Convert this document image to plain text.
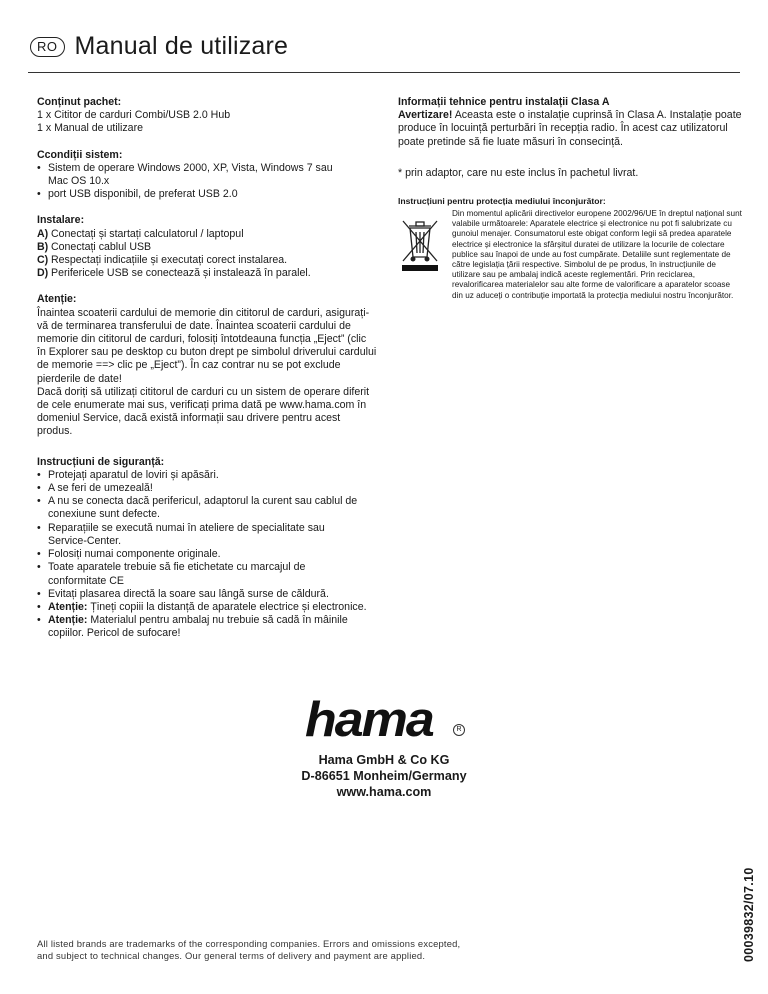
RO Manual de utilizare
Conținut pachet:
1 x Cititor de carduri Combi/USB 2.0 Hub
1 x Manual de utilizare
Ccondiții sistem:
• Sistem de operare Windows 2000, XP, Vista, Windows 7 sau Mac OS 10.x
• port USB disponibil, de preferat USB 2.0
Instalare:
A) Conectați și startați calculatorul / laptopul
B) Conectați cablul USB
C) Respectați indicațiile și executați corect instalarea.
D) Perifericele USB se conectează și instalează în paralel.
Atenție:

Înaintea scoaterii cardului de memorie din cititorul de carduri, asigurați-vă de terminarea transferului de date. Înaintea scoaterii cardului de memorie din cititorul de carduri, folosiți întotdeauna funcția „Eject” (clic în Explorer sau pe desktop cu buton drept pe simbolul driverului cardului de memorie ==> clic pe „Eject”). În caz contrar nu se pot exclude pierderile de date!

Dacă doriți să utilizați cititorul de carduri cu un sistem de operare diferit de cele enumerate mai sus, verificați prima dată pe www.hama.com în domeniul Service, dacă există informații sau drivere pentru acest produs.

Instrucțiuni de siguranță:
• Protejați aparatul de loviri și apăsări.
• A se feri de umezeală!
• A nu se conecta dacă perifericul, adaptorul la curent sau cablul de conexiune sunt defecte.
• Reparațiile se execută numai în ateliere de specialitate sau Service-Center.
• Folosiți numai componente originale.
• Toate aparatele trebuie să fie etichetate cu marcajul de conformitate CE
• Evitați plasarea directă la soare sau lângă surse de căldură.
• Atenție: Țineți copiii la distanță de aparatele electrice și electronice.
• Atenție: Materialul pentru ambalaj nu trebuie să cadă în mâinile copiilor. Pericol de sufocare!
Informații tehnice pentru instalații Clasa A

Avertizare! Aceasta este o instalație cuprinsă în Clasa A. Instalație poate produce în locuință perturbări în recepția radio. În acest caz utilizatorul poate pretinde să fie luate măsuri în consecință.

* prin adaptor, care nu este inclus în pachetul livrat.
Instrucțiuni pentru protecția mediului înconjurător:
Din momentul aplicării directivelor europene 2002/96/UE în dreptul național sunt valabile următoarele: Aparatele electrice și electronice nu pot fi salubrizate cu gunoiul menajer. Consumatorul este obigat conform legii să predea aparatele electrice și electronice la sfârșitul duratei de utilizare la locurile de colectare publice sau înapoi de unde au fost cumpărate. Detaliile sunt reglementate de către legislația țării respective. Simbolul de pe produs, în instrucțiunile de utilizare sau pe ambalaj indică aceste reglementări. Prin reciclarea, revalorificarea materialelor sau alte forme de valorificare a aparatelor scoase din uz aduceți o contribuție importată la protecția mediului nostru înconjurător.
hama	R
Hama GmbH & Co KG
D-86651 Monheim/Germany
www.hama.com
All listed brands are trademarks of the corresponding companies. Errors and omissions excepted,
and subject to technical changes. Our general terms of delivery and payment are applied.	00039832/07.10
